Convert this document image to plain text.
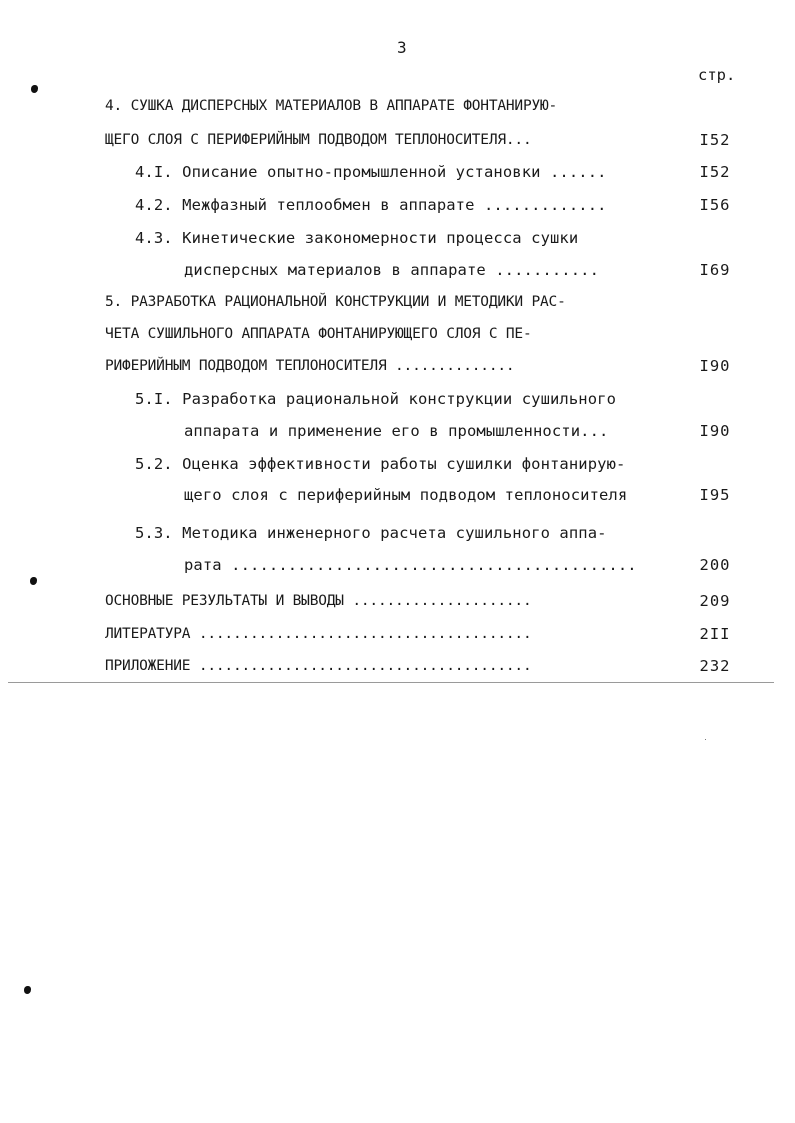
3
стр.
4. СУШКА ДИСПЕРСНЫХ МАТЕРИАЛОВ В АППАРАТЕ ФОНТАНИРУЮ-
ЩЕГО СЛОЯ С ПЕРИФЕРИЙНЫМ ПОДВОДОМ ТЕПЛОНОСИТЕЛЯ...	I52
4.I. Описание опытно-промышленной установки ......	I52
4.2. Межфазный теплообмен в аппарате .............	I56
4.3. Кинетические закономерности процесса сушки
дисперсных материалов в аппарате ...........	I69
5. РАЗРАБОТКА РАЦИОНАЛЬНОЙ КОНСТРУКЦИИ И МЕТОДИКИ РАС-
ЧЕТА СУШИЛЬНОГО АППАРАТА ФОНТАНИРУЮЩЕГО СЛОЯ С ПЕ-
РИФЕРИЙНЫМ ПОДВОДОМ ТЕПЛОНОСИТЕЛЯ ..............	I90
5.I. Разработка рациональной конструкции сушильного
аппарата и применение его в промышленности...	I90
5.2. Оценка эффективности работы сушилки фонтанирую-
щего слоя с периферийным подводом теплоносителя	I95
5.3. Методика инженерного расчета сушильного аппа-
рата ...........................................	200
ОСНОВНЫЕ РЕЗУЛЬТАТЫ И ВЫВОДЫ .....................	209
ЛИТЕРАТУРА .......................................	2II
ПРИЛОЖЕНИЕ .......................................	232
